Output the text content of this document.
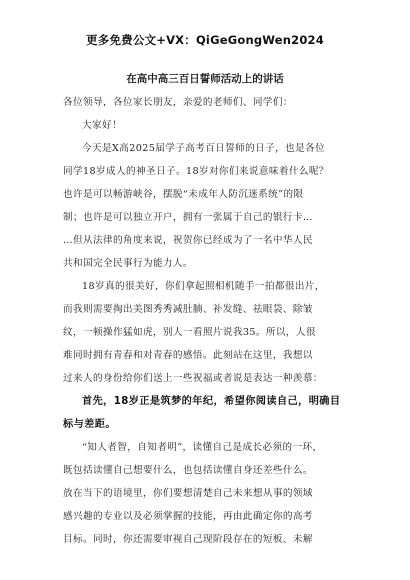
更多免费公文+VX：QiGeGongWen2024
在高中高三百日誓师活动上的讲话
各位领导，各位家长朋友，亲爱的老师们、同学们：
大家好！
今天是X高2025届学子高考百日誓师的日子，也是各位
同学18岁成人的神圣日子。18岁对你们来说意味着什么呢？
也许是可以畅游峡谷，摆脱“未成年人防沉迷系统”的限
制；也许是可以独立开户，拥有一张属于自己的银行卡…
…但从法律的角度来说，祝贺你已经成为了一名中华人民
共和国完全民事行为能力人。
18岁真的很美好，你们拿起照相机随手一拍都很出片，
而我则需要掏出美图秀秀减肚腩、补发缝、祛眼袋、除皱
纹，一顿操作猛如虎，别人一看照片说我35。所以，人很
难同时拥有青春和对青春的感悟。此刻站在这里，我想以
过来人的身份给你们送上一些祝福或者说是表达一种羡慕：
首先，18岁正是筑梦的年纪，希望你阅读自己，明确目
标与差距。
“知人者智，自知者明”，读懂自己是成长必须的一环，
既包括读懂自己想要什么，也包括读懂自身还差些什么。
放在当下的语境里，你们要想清楚自己未来想从事的领域
感兴趣的专业以及必须掌握的技能，再由此确定你的高考
目标。同时，你还需要审视自己现阶段存在的短板、未解
